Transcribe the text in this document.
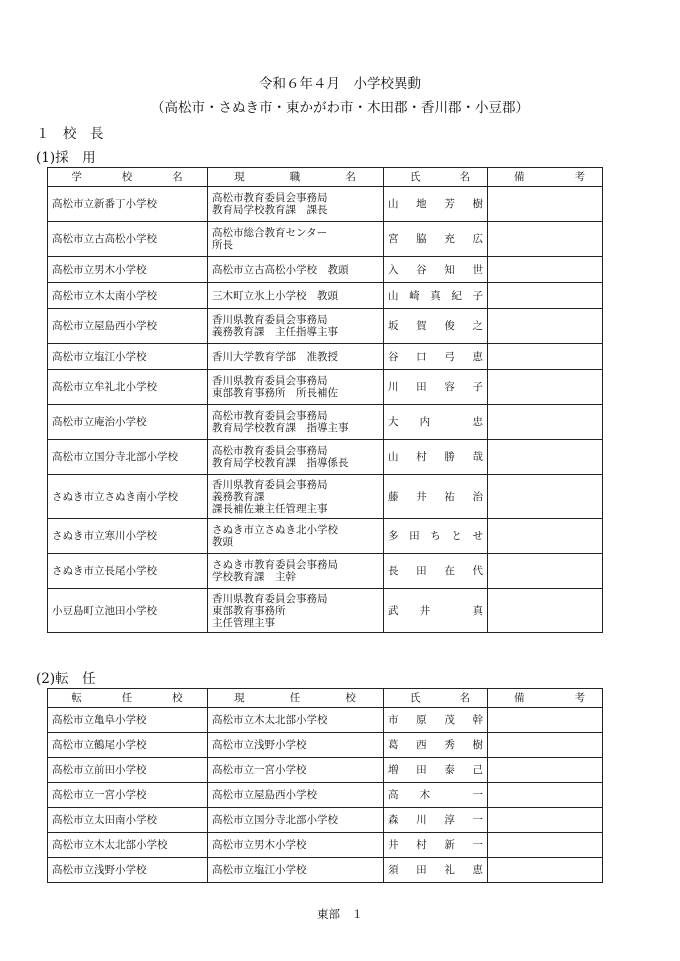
令和６年４月　小学校異動
（高松市・さぬき市・東かがわ市・木田郡・香川郡・小豆郡）
１　校　長
(1)採　用
学 校 名	現 職 名	氏 名	備 考

高松市立新番丁小学校	高松市教育委員会事務局
教育局学校教育課　課長	山 地 芳 樹	

高松市立古高松小学校	高松市総合教育センター
所長	宮 脇 充 広	

高松市立男木小学校	高松市立古高松小学校　教頭	入 谷 知 世	

高松市立木太南小学校	三木町立氷上小学校　教頭	山 崎 真 紀 子	

高松市立屋島西小学校	香川県教育委員会事務局
義務教育課　主任指導主事	坂 賀 俊 之	

高松市立塩江小学校	香川大学教育学部　准教授	谷 口 弓 恵	

高松市立牟礼北小学校	香川県教育委員会事務局
東部教育事務所　所長補佐	川 田 容 子	

高松市立庵治小学校	高松市教育委員会事務局
教育局学校教育課　指導主事	大 内 忠	

高松市立国分寺北部小学校	高松市教育委員会事務局
教育局学校教育課　指導係長	山 村 勝 哉	

さぬき市立さぬき南小学校	香川県教育委員会事務局
義務教育課
課長補佐兼主任管理主事	藤 井 祐 治	

さぬき市立寒川小学校	さぬき市立さぬき北小学校
教頭	多 田 ち と せ	

さぬき市立長尾小学校	さぬき市教育委員会事務局
学校教育課　主幹	長 田 在 代	

小豆島町立池田小学校	香川県教育委員会事務局
東部教育事務所
主任管理主事	武 井 真	

(2)転　任
転 任 校	現 任 校	氏 名	備 考

高松市立亀阜小学校	高松市立木太北部小学校	市 原 茂 幹	

高松市立鶴尾小学校	高松市立浅野小学校	葛 西 秀 樹	

高松市立前田小学校	高松市立一宮小学校	増 田 泰 己	

高松市立一宮小学校	高松市立屋島西小学校	高 木 一	

高松市立太田南小学校	高松市立国分寺北部小学校	森 川 淳 一	

高松市立木太北部小学校	高松市立男木小学校	井 村 新 一	

高松市立浅野小学校	高松市立塩江小学校	須 田 礼 恵	

東部　１
